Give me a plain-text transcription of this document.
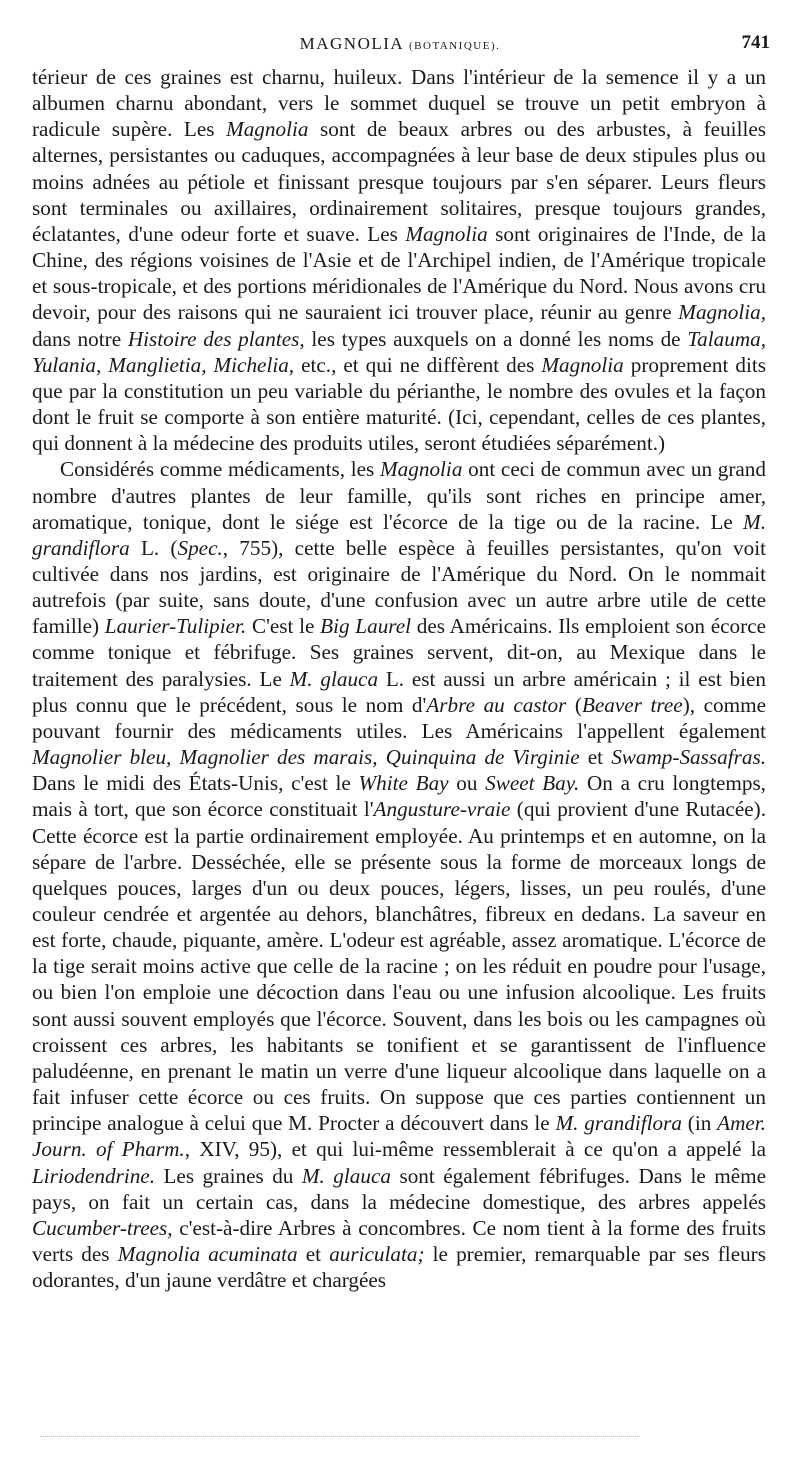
MAGNOLIA (BOTANIQUE).	741

térieur de ces graines est charnu, huileux. Dans l'intérieur de la semence il y a un albumen charnu abondant, vers le sommet duquel se trouve un petit embryon à radicule supère. Les Magnolia sont de beaux arbres ou des arbustes, à feuilles alternes, persistantes ou caduques, accompagnées à leur base de deux stipules plus ou moins adnées au pétiole et finissant presque toujours par s'en séparer. Leurs fleurs sont terminales ou axillaires, ordinairement solitaires, presque toujours grandes, éclatantes, d'une odeur forte et suave. Les Magnolia sont originaires de l'Inde, de la Chine, des régions voisines de l'Asie et de l'Archipel indien, de l'Amérique tropicale et sous-tropicale, et des portions méridionales de l'Amérique du Nord. Nous avons cru devoir, pour des raisons qui ne sauraient ici trouver place, réunir au genre Magnolia, dans notre Histoire des plantes, les types auxquels on a donné les noms de Talauma, Yulania, Manglietia, Michelia, etc., et qui ne diffèrent des Magnolia proprement dits que par la constitution un peu variable du périanthe, le nombre des ovules et la façon dont le fruit se comporte à son entière maturité. (Ici, cependant, celles de ces plantes, qui donnent à la médecine des produits utiles, seront étudiées séparément.)

Considérés comme médicaments, les Magnolia ont ceci de commun avec un grand nombre d'autres plantes de leur famille, qu'ils sont riches en principe amer, aromatique, tonique, dont le siége est l'écorce de la tige ou de la racine. Le M. grandiflora L. (Spec., 755), cette belle espèce à feuilles persistantes, qu'on voit cultivée dans nos jardins, est originaire de l'Amérique du Nord. On le nommait autrefois (par suite, sans doute, d'une confusion avec un autre arbre utile de cette famille) Laurier-Tulipier. C'est le Big Laurel des Américains. Ils emploient son écorce comme tonique et fébrifuge. Ses graines servent, dit-on, au Mexique dans le traitement des paralysies. Le M. glauca L. est aussi un arbre américain ; il est bien plus connu que le précédent, sous le nom d'Arbre au castor (Beaver tree), comme pouvant fournir des médicaments utiles. Les Américains l'appellent également Magnolier bleu, Magnolier des marais, Quinquina de Virginie et Swamp-Sassafras. Dans le midi des États-Unis, c'est le White Bay ou Sweet Bay. On a cru longtemps, mais à tort, que son écorce constituait l'Angusture-vraie (qui provient d'une Rutacée). Cette écorce est la partie ordinairement employée. Au printemps et en automne, on la sépare de l'arbre. Desséchée, elle se présente sous la forme de morceaux longs de quelques pouces, larges d'un ou deux pouces, légers, lisses, un peu roulés, d'une couleur cendrée et argentée au dehors, blanchâtres, fibreux en dedans. La saveur en est forte, chaude, piquante, amère. L'odeur est agréable, assez aromatique. L'écorce de la tige serait moins active que celle de la racine ; on les réduit en poudre pour l'usage, ou bien l'on emploie une décoction dans l'eau ou une infusion alcoolique. Les fruits sont aussi souvent employés que l'écorce. Souvent, dans les bois ou les campagnes où croissent ces arbres, les habitants se tonifient et se garantissent de l'influence paludéenne, en prenant le matin un verre d'une liqueur alcoolique dans laquelle on a fait infuser cette écorce ou ces fruits. On suppose que ces parties contiennent un principe analogue à celui que M. Procter a découvert dans le M. grandiflora (in Amer. Journ. of Pharm., XIV, 95), et qui lui-même ressemblerait à ce qu'on a appelé la Liriodendrine. Les graines du M. glauca sont également fébrifuges. Dans le même pays, on fait un certain cas, dans la médecine domestique, des arbres appelés Cucumber-trees, c'est-à-dire Arbres à concombres. Ce nom tient à la forme des fruits verts des Magnolia acuminata et auriculata; le premier, remarquable par ses fleurs odorantes, d'un jaune verdâtre et chargées
